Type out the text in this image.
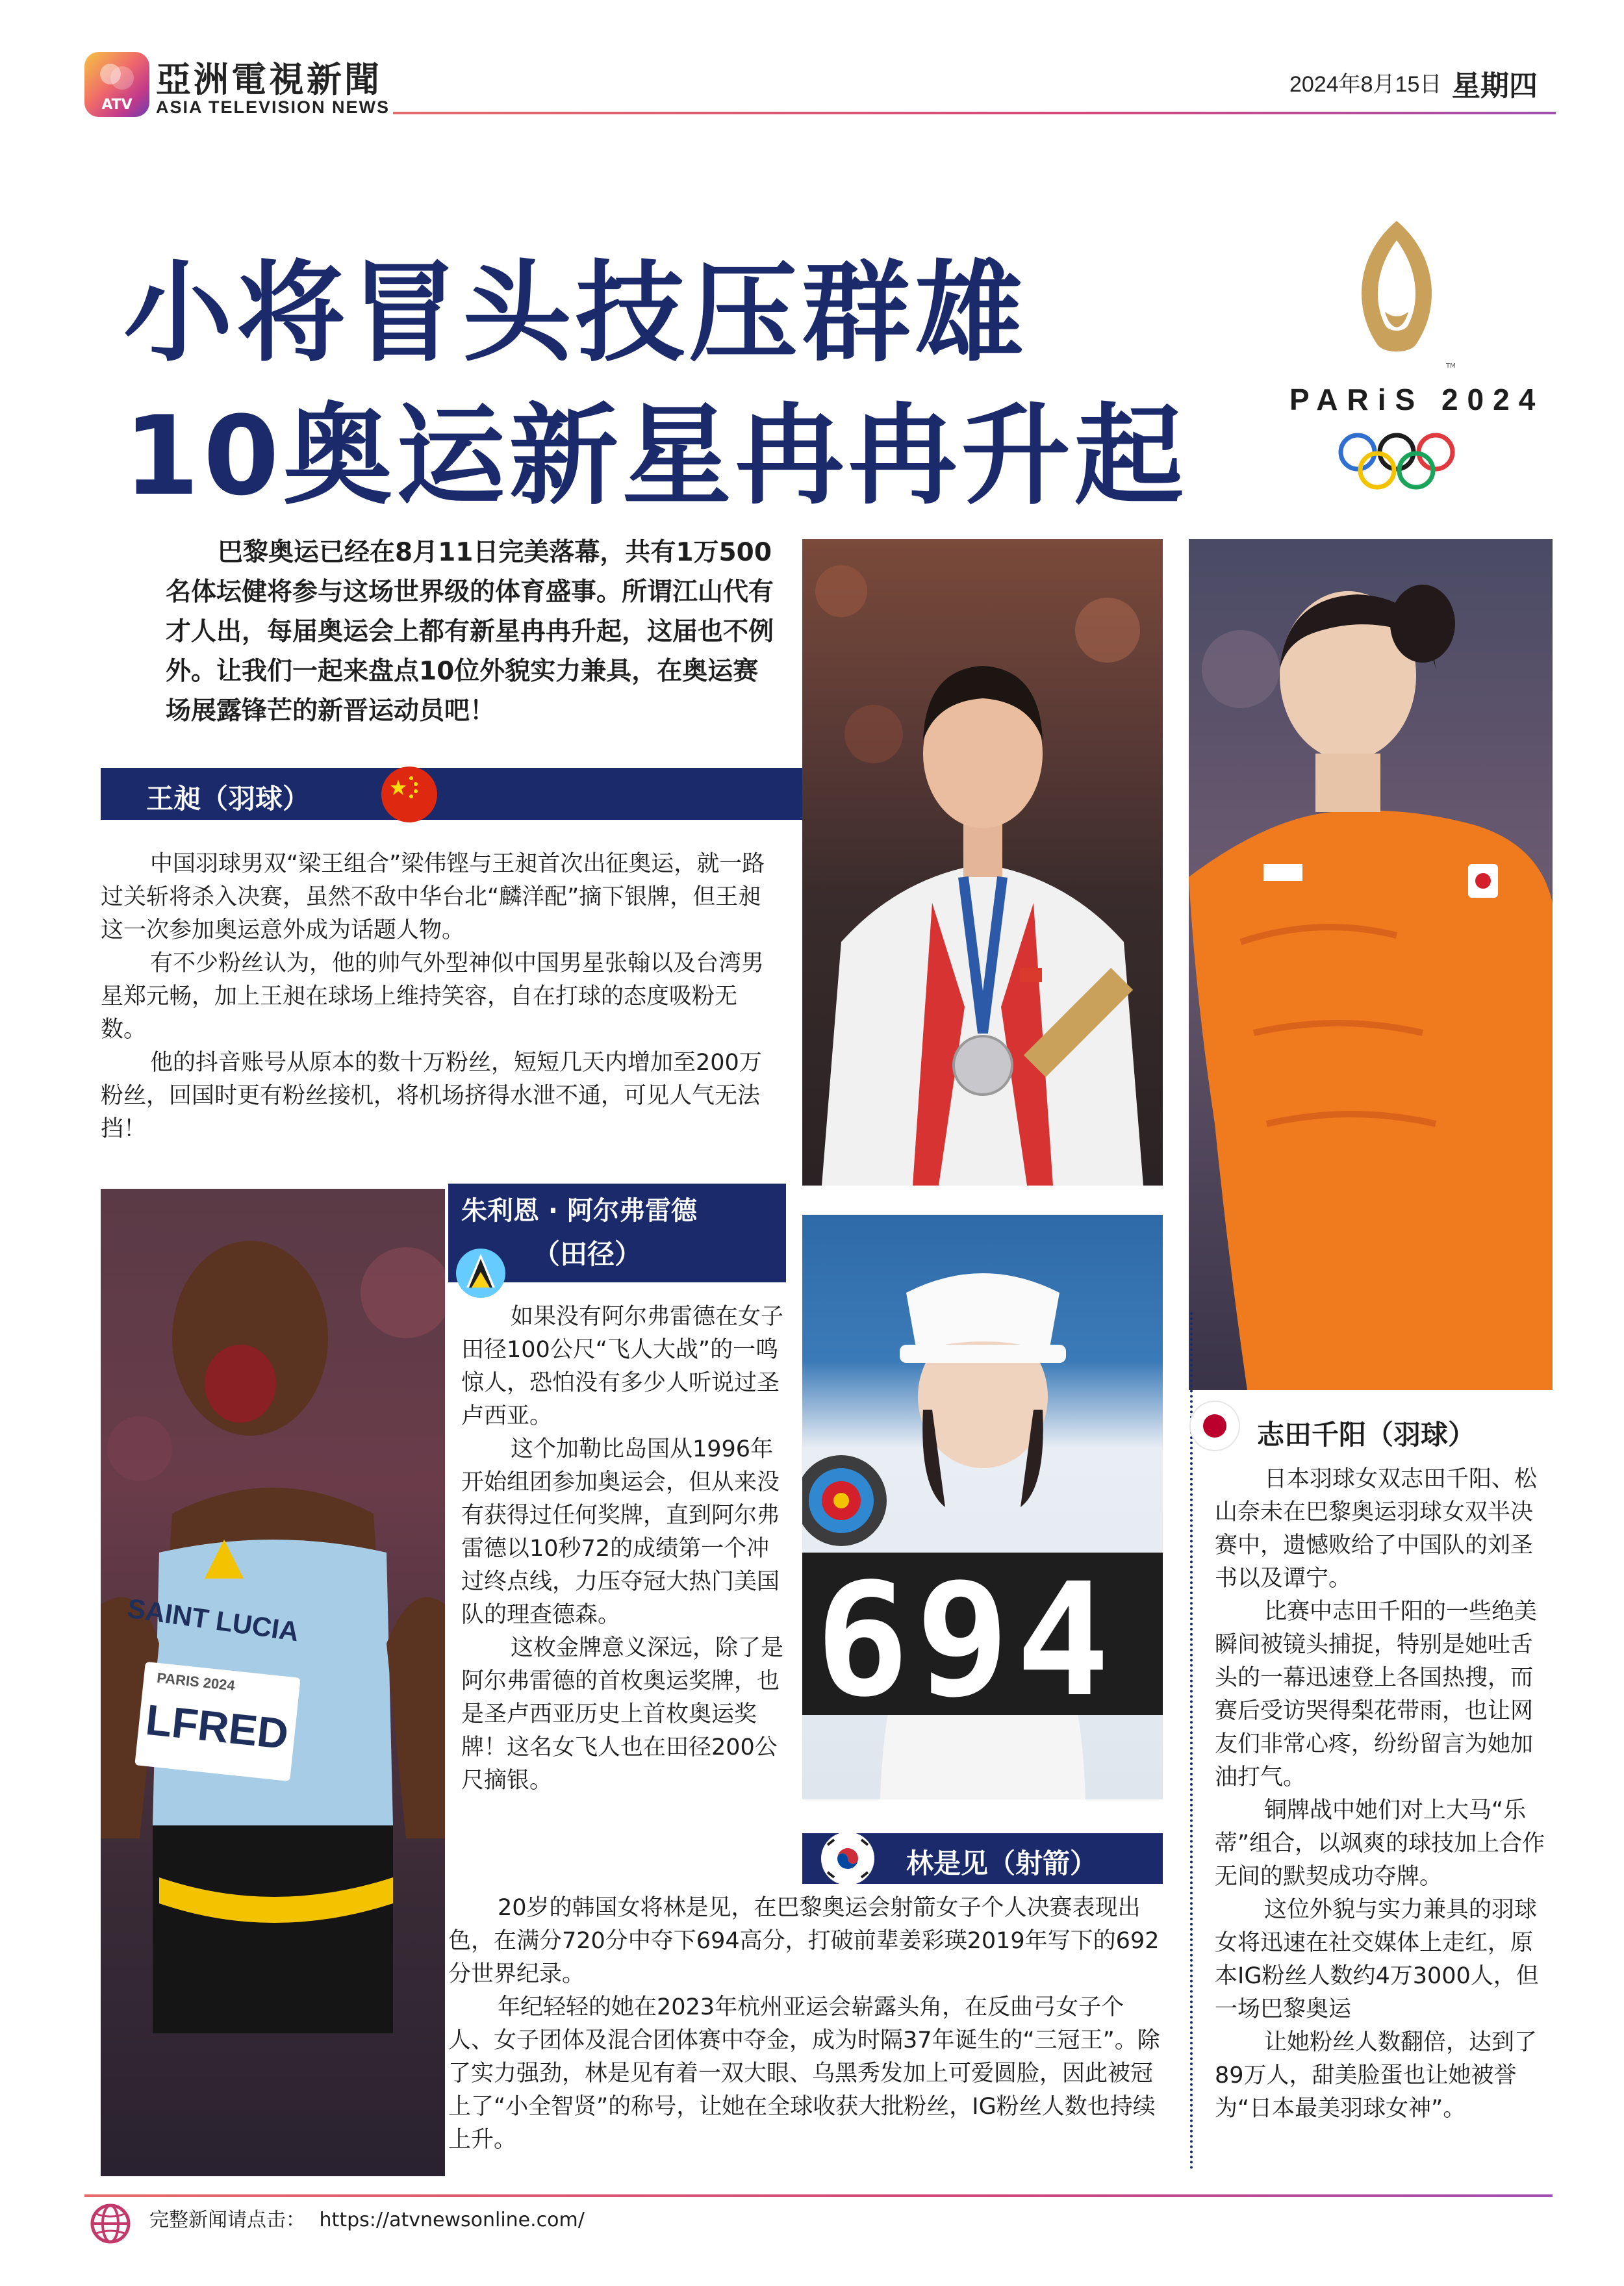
ATV
亞洲電視新聞
ASIA TELEVISION NEWS
2024年8月15日 星期四
小将冒头技压群雄
10奥运新星冉冉升起
TM
PARiS 2024
巴黎奥运已经在8月11日完美落幕，共有1万500名体坛健将参与这场世界级的体育盛事。所谓江山代有才人出，每届奥运会上都有新星冉冉升起，这届也不例外。让我们一起来盘点10位外貌实力兼具，在奥运赛场展露锋芒的新晋运动员吧！
王昶（羽球）

中国羽球男双“梁王组合”梁伟铿与王昶首次出征奥运，就一路过关斩将杀入决赛，虽然不敌中华台北“麟洋配”摘下银牌，但王昶这一次参加奥运意外成为话题人物。

有不少粉丝认为，他的帅气外型神似中国男星张翰以及台湾男星郑元畅，加上王昶在球场上维持笑容，自在打球的态度吸粉无数。

他的抖音账号从原本的数十万粉丝，短短几天内增加至200万粉丝，回国时更有粉丝接机，将机场挤得水泄不通，可见人气无法挡！

SAINT LUCIA
PARIS 2024
LFRED
朱利恩 · 阿尔弗雷德
（田径）

如果没有阿尔弗雷德在女子田径100公尺“飞人大战”的一鸣惊人，恐怕没有多少人听说过圣卢西亚。

这个加勒比岛国从1996年开始组团参加奥运会，但从来没有获得过任何奖牌，直到阿尔弗雷德以10秒72的成绩第一个冲过终点线，力压夺冠大热门美国队的理查德森。

这枚金牌意义深远，除了是阿尔弗雷德的首枚奥运奖牌，也是圣卢西亚历史上首枚奥运奖牌！这名女飞人也在田径200公尺摘银。

694
林是见（射箭）

20岁的韩国女将林是见，在巴黎奥运会射箭女子个人决赛表现出色，在满分720分中夺下694高分，打破前辈姜彩瑛2019年写下的692分世界纪录。

年纪轻轻的她在2023年杭州亚运会崭露头角，在反曲弓女子个人、女子团体及混合团体赛中夺金，成为时隔37年诞生的“三冠王”。除了实力强劲，林是见有着一双大眼、乌黑秀发加上可爱圆脸，因此被冠上了“小全智贤”的称号，让她在全球收获大批粉丝，IG粉丝人数也持续上升。

志田千阳（羽球）

日本羽球女双志田千阳、松山奈未在巴黎奥运羽球女双半决赛中，遗憾败给了中国队的刘圣书以及谭宁。

比赛中志田千阳的一些绝美瞬间被镜头捕捉，特别是她吐舌头的一幕迅速登上各国热搜，而赛后受访哭得梨花带雨，也让网友们非常心疼，纷纷留言为她加油打气。

铜牌战中她们对上大马“乐蒂”组合，以飒爽的球技加上合作无间的默契成功夺牌。

这位外貌与实力兼具的羽球女将迅速在社交媒体上走红，原本IG粉丝人数约4万3000人，但一场巴黎奥运

让她粉丝人数翻倍，达到了89万人，甜美脸蛋也让她被誉为“日本最美羽球女神”。

完整新闻请点击： https://atvnewsonline.com/
